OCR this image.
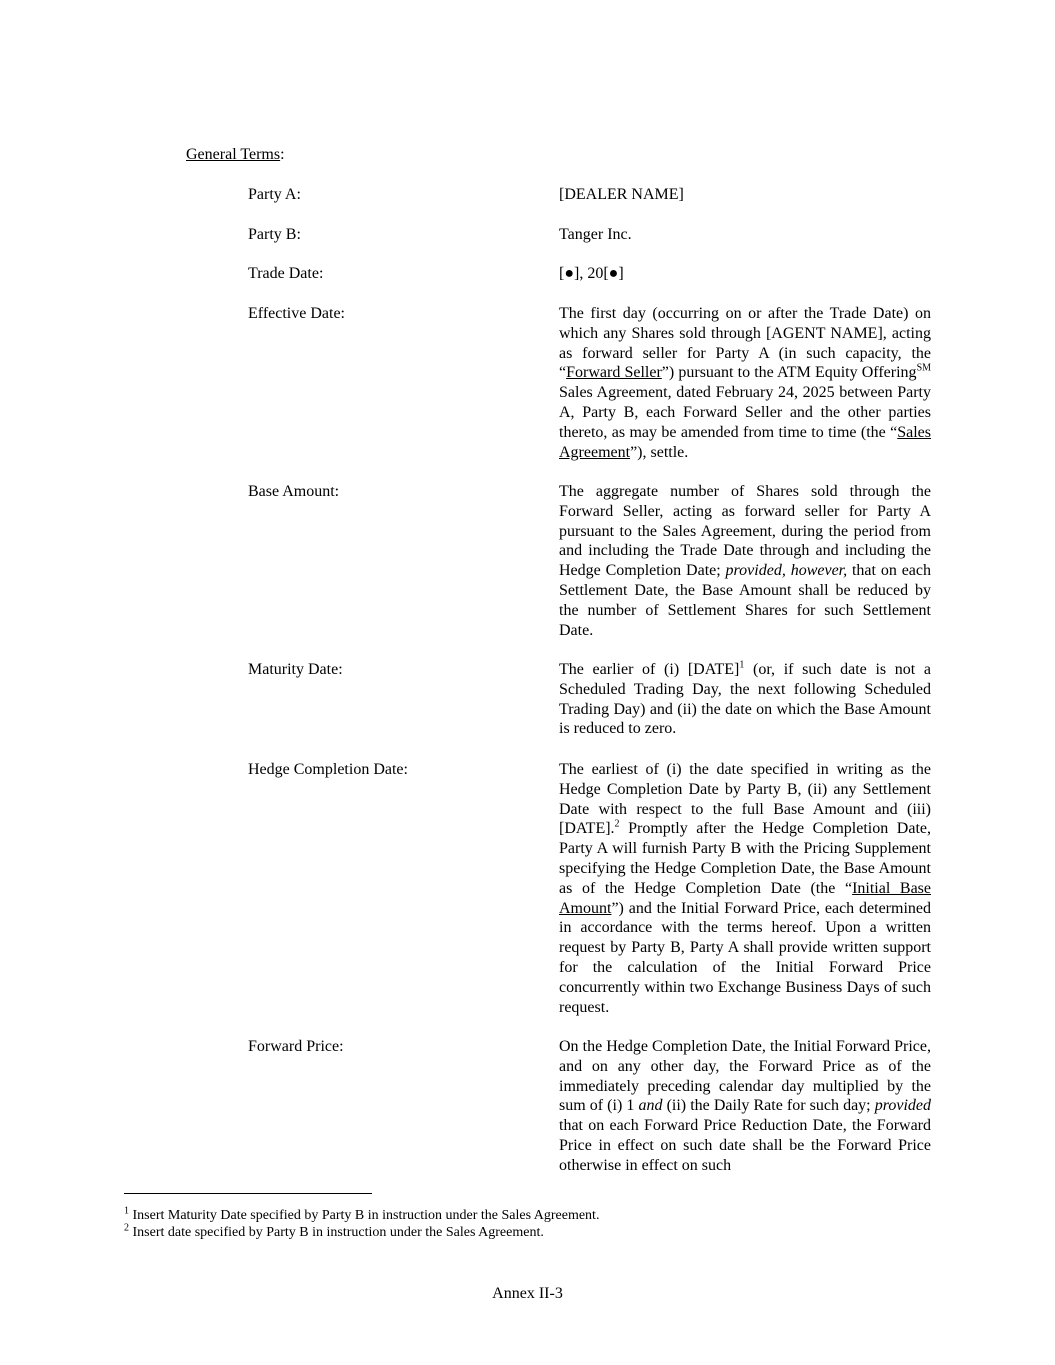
General Terms:
Party A:	[DEALER NAME]
Party B:	Tanger Inc.
Trade Date:	[●], 20[●]
Effective Date:	The first day (occurring on or after the Trade Date) on which any Shares sold through [AGENT NAME], acting as forward seller for Party A (in such capacity, the “Forward Seller”) pursuant to the ATM Equity Offering℠ Sales Agreement, dated February 24, 2025 between Party A, Party B, each Forward Seller and the other parties thereto, as may be amended from time to time (the “Sales Agreement”), settle.

Base Amount:	The aggregate number of Shares sold through the Forward Seller, acting as forward seller for Party A pursuant to the Sales Agreement, during the period from and including the Trade Date through and including the Hedge Completion Date; provided, however, that on each Settlement Date, the Base Amount shall be reduced by the number of Settlement Shares for such Settlement Date.

Maturity Date:	The earlier of (i) [DATE]$^1$ (or, if such date is not a Scheduled Trading Day, the next following Scheduled Trading Day) and (ii) the date on which the Base Amount is reduced to zero.

Hedge Completion Date:	The earliest of (i) the date specified in writing as the Hedge Completion Date by Party B, (ii) any Settlement Date with respect to the full Base Amount and (iii) [DATE].$^2$ Promptly after the Hedge Completion Date, Party A will furnish Party B with the Pricing Supplement specifying the Hedge Completion Date, the Base Amount as of the Hedge Completion Date (the “Initial Base Amount”) and the Initial Forward Price, each determined in accordance with the terms hereof. Upon a written request by Party B, Party A shall provide written support for the calculation of the Initial Forward Price concurrently within two Exchange Business Days of such request.

Forward Price:	On the Hedge Completion Date, the Initial Forward Price, and on any other day, the Forward Price as of the immediately preceding calendar day multiplied by the sum of (i) 1 and (ii) the Daily Rate for such day; provided that on each Forward Price Reduction Date, the Forward Price in effect on such date shall be the Forward Price otherwise in effect on such

$^1$ Insert Maturity Date specified by Party B in instruction under the Sales Agreement.
$^2$ Insert date specified by Party B in instruction under the Sales Agreement.
Annex II-3
